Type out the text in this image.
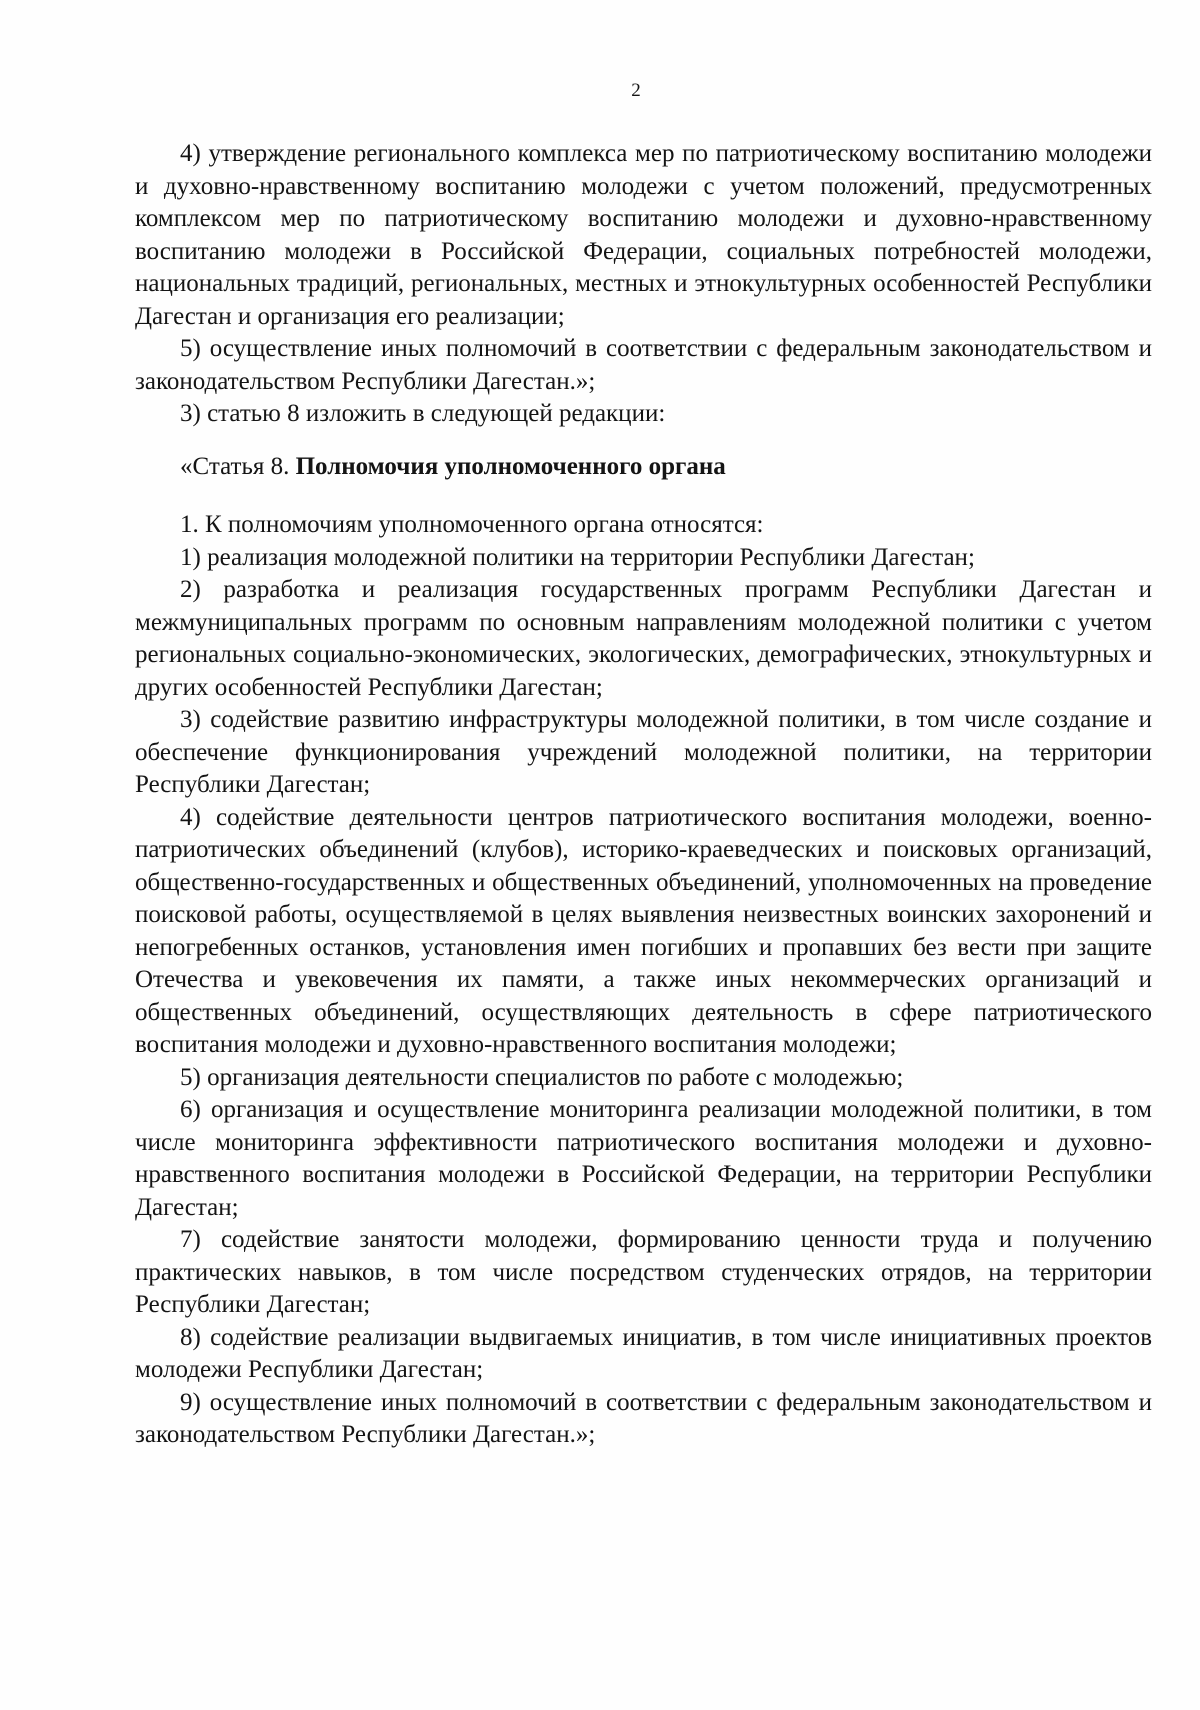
2

4) утверждение регионального комплекса мер по патриотическому воспитанию молодежи и духовно-нравственному воспитанию молодежи с учетом положений, предусмотренных комплексом мер по патриотическому воспитанию молодежи и духовно-нравственному воспитанию молодежи в Российской Федерации, социальных потребностей молодежи, национальных традиций, региональных, местных и этнокультурных особенностей Республики Дагестан и организация его реализации;

5) осуществление иных полномочий в соответствии с федеральным законодательством и законодательством Республики Дагестан.»;

3) статью 8 изложить в следующей редакции:

«Статья 8. Полномочия уполномоченного органа

1. К полномочиям уполномоченного органа относятся:

1) реализация молодежной политики на территории Республики Дагестан;

2) разработка и реализация государственных программ Республики Дагестан и межмуниципальных программ по основным направлениям молодежной политики с учетом региональных социально-экономических, экологических, демографических, этнокультурных и других особенностей Республики Дагестан;

3) содействие развитию инфраструктуры молодежной политики, в том числе создание и обеспечение функционирования учреждений молодежной политики, на территории Республики Дагестан;

4) содействие деятельности центров патриотического воспитания молодежи, военно-патриотических объединений (клубов), историко-краеведческих и поисковых организаций, общественно-государственных и общественных объединений, уполномоченных на проведение поисковой работы, осуществляемой в целях выявления неизвестных воинских захоронений и непогребенных останков, установления имен погибших и пропавших без вести при защите Отечества и увековечения их памяти, а также иных некоммерческих организаций и общественных объединений, осуществляющих деятельность в сфере патриотического воспитания молодежи и духовно-нравственного воспитания молодежи;

5) организация деятельности специалистов по работе с молодежью;

6) организация и осуществление мониторинга реализации молодежной политики, в том числе мониторинга эффективности патриотического воспитания молодежи и духовно-нравственного воспитания молодежи в Российской Федерации, на территории Республики Дагестан;

7) содействие занятости молодежи, формированию ценности труда и получению практических навыков, в том числе посредством студенческих отрядов, на территории Республики Дагестан;

8) содействие реализации выдвигаемых инициатив, в том числе инициативных проектов молодежи Республики Дагестан;

9) осуществление иных полномочий в соответствии с федеральным законодательством и законодательством Республики Дагестан.»;
